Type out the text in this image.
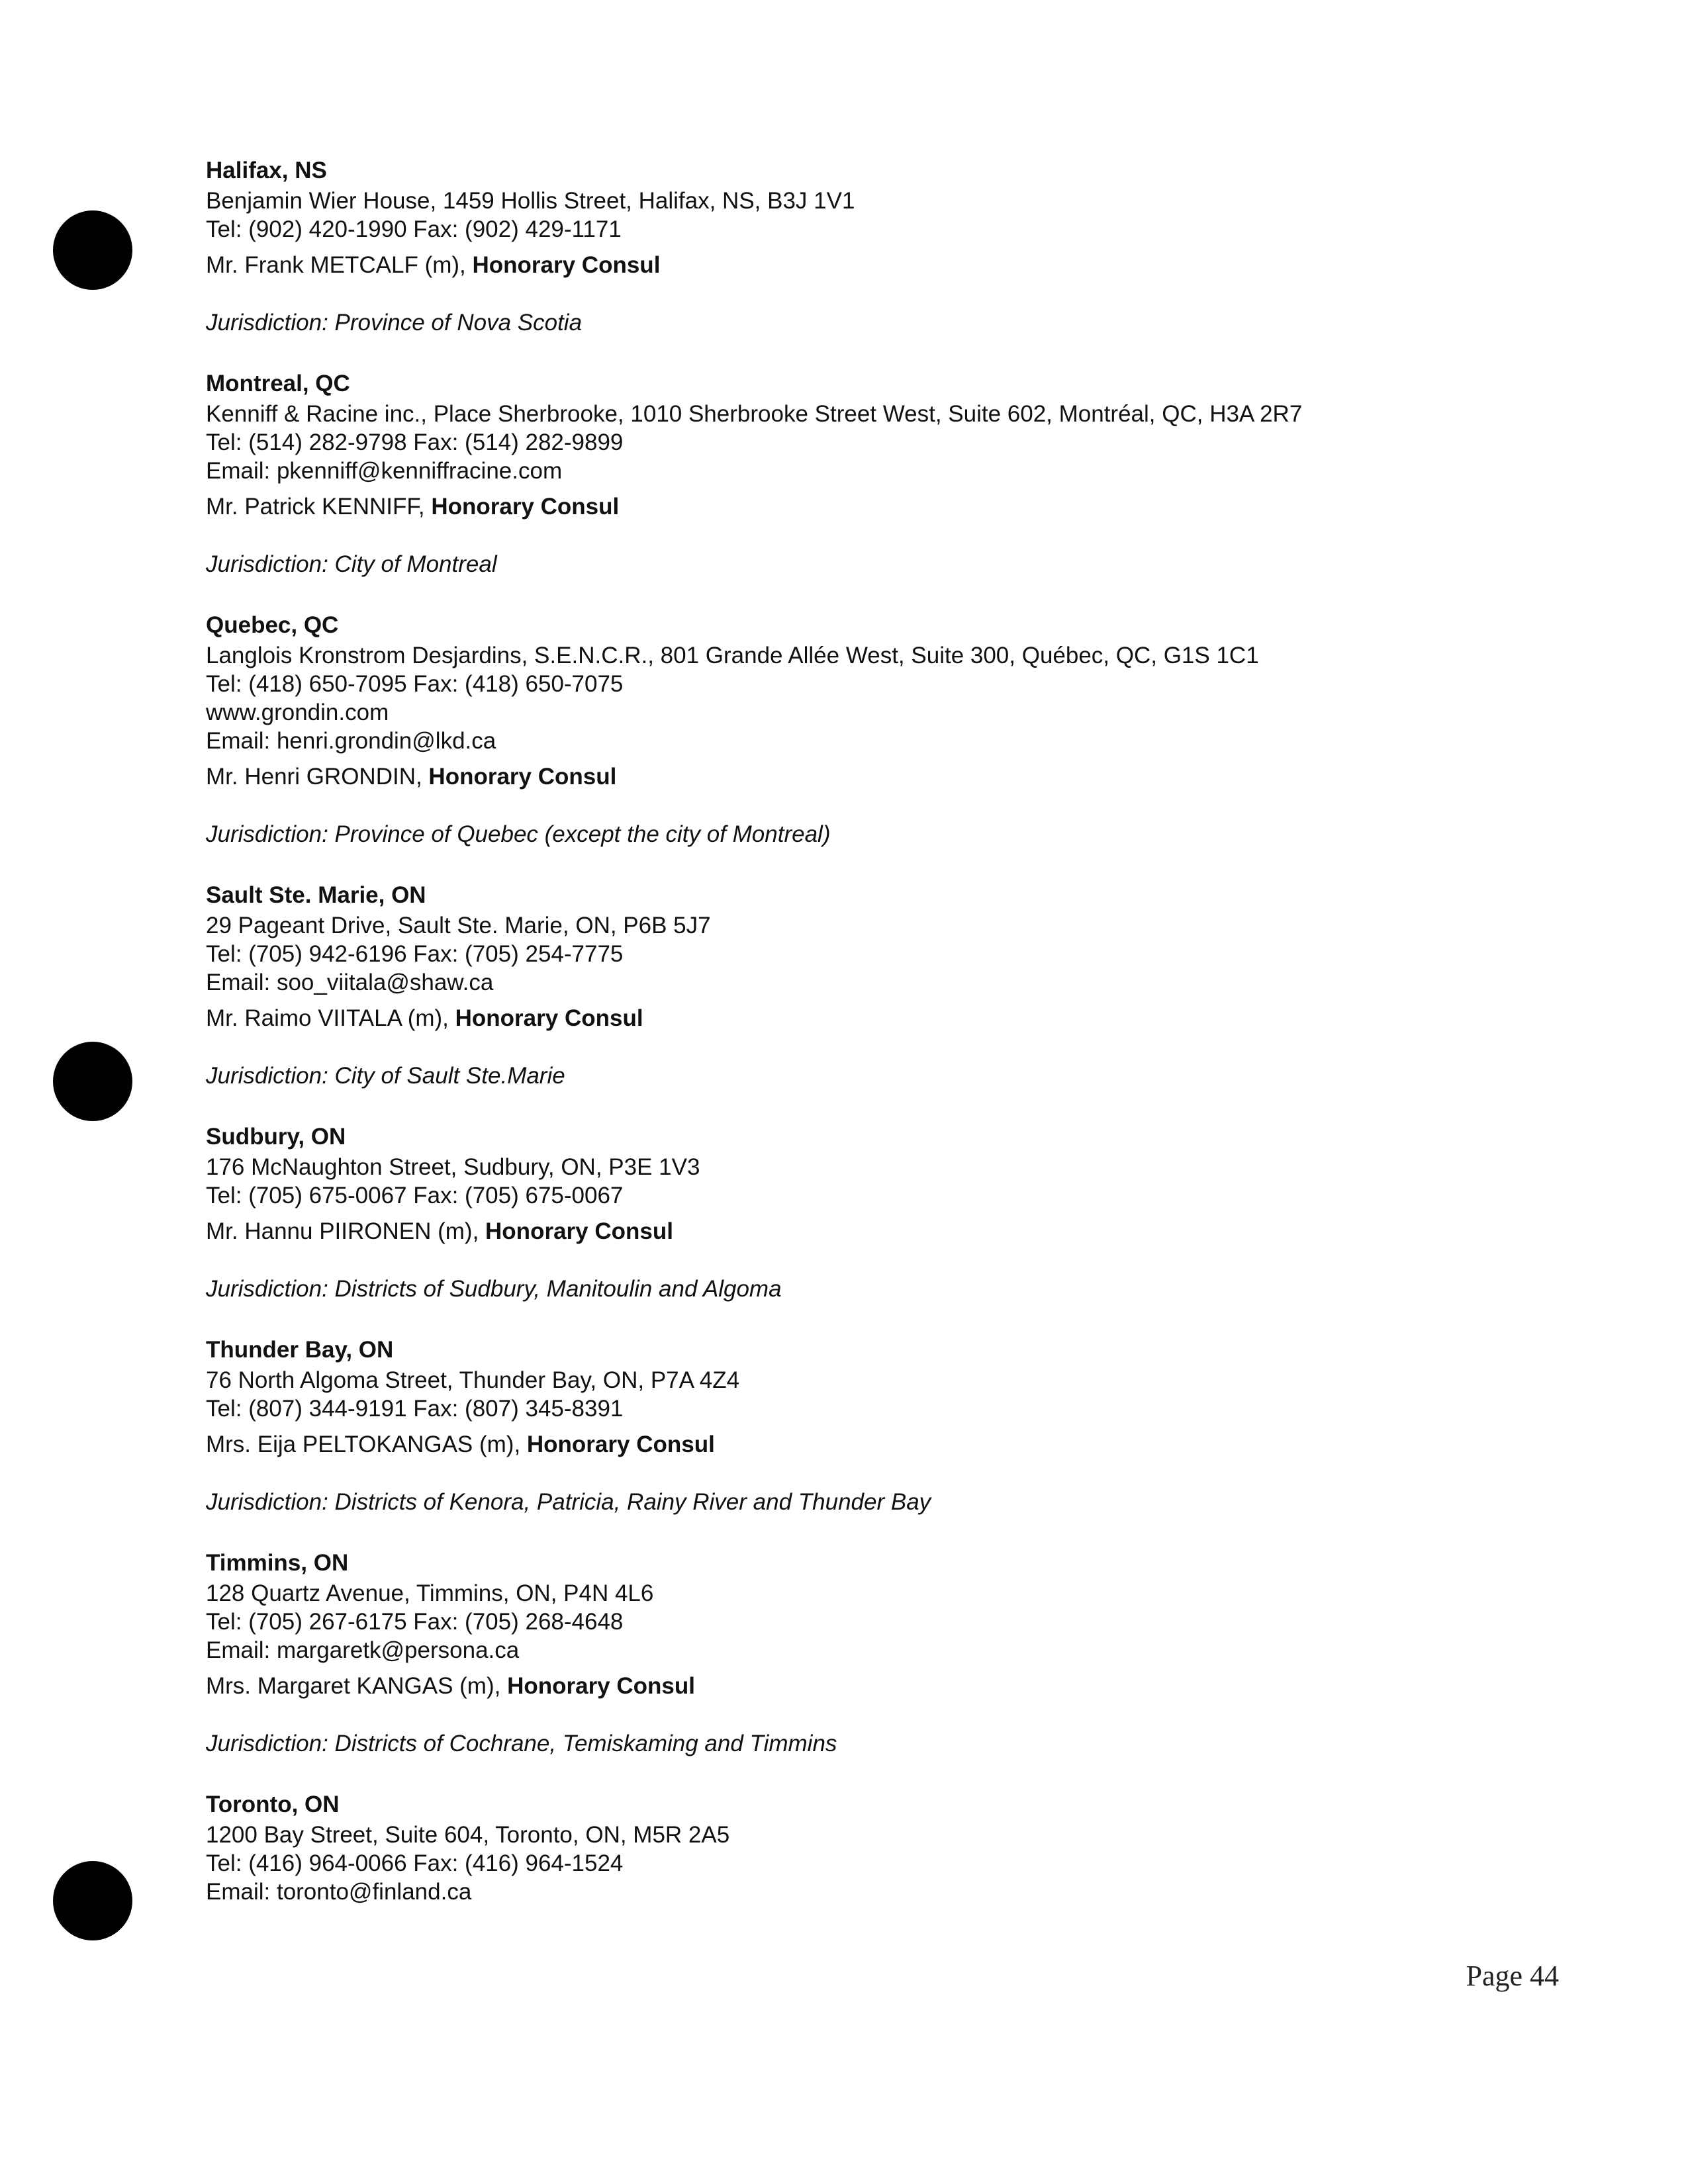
Halifax, NS
Benjamin Wier House, 1459 Hollis Street, Halifax, NS, B3J 1V1
Tel: (902) 420-1990 Fax: (902) 429-1171
Mr. Frank METCALF (m), Honorary Consul
Jurisdiction: Province of Nova Scotia
Montreal, QC
Kenniff & Racine inc., Place Sherbrooke, 1010 Sherbrooke Street West, Suite 602, Montréal, QC, H3A 2R7
Tel: (514) 282-9798 Fax: (514) 282-9899
Email: pkenniff@kenniffracine.com
Mr. Patrick KENNIFF, Honorary Consul
Jurisdiction: City of Montreal
Quebec, QC
Langlois Kronstrom Desjardins, S.E.N.C.R., 801 Grande Allée West, Suite 300, Québec, QC, G1S 1C1
Tel: (418) 650-7095 Fax: (418) 650-7075
www.grondin.com
Email: henri.grondin@lkd.ca
Mr. Henri GRONDIN, Honorary Consul
Jurisdiction: Province of Quebec (except the city of Montreal)
Sault Ste. Marie, ON
29 Pageant Drive, Sault Ste. Marie, ON, P6B 5J7
Tel: (705) 942-6196 Fax: (705) 254-7775
Email: soo_viitala@shaw.ca
Mr. Raimo VIITALA (m), Honorary Consul
Jurisdiction: City of Sault Ste.Marie
Sudbury, ON
176 McNaughton Street, Sudbury, ON, P3E 1V3
Tel: (705) 675-0067 Fax: (705) 675-0067
Mr. Hannu PIIRONEN (m), Honorary Consul
Jurisdiction: Districts of Sudbury, Manitoulin and Algoma
Thunder Bay, ON
76 North Algoma Street, Thunder Bay, ON, P7A 4Z4
Tel: (807) 344-9191 Fax: (807) 345-8391
Mrs. Eija PELTOKANGAS (m), Honorary Consul
Jurisdiction: Districts of Kenora, Patricia, Rainy River and Thunder Bay
Timmins, ON
128 Quartz Avenue, Timmins, ON, P4N 4L6
Tel: (705) 267-6175 Fax: (705) 268-4648
Email: margaretk@persona.ca
Mrs. Margaret KANGAS (m), Honorary Consul
Jurisdiction: Districts of Cochrane, Temiskaming and Timmins
Toronto, ON
1200 Bay Street, Suite 604, Toronto, ON, M5R 2A5
Tel: (416) 964-0066 Fax: (416) 964-1524
Email: toronto@finland.ca
Page 44
